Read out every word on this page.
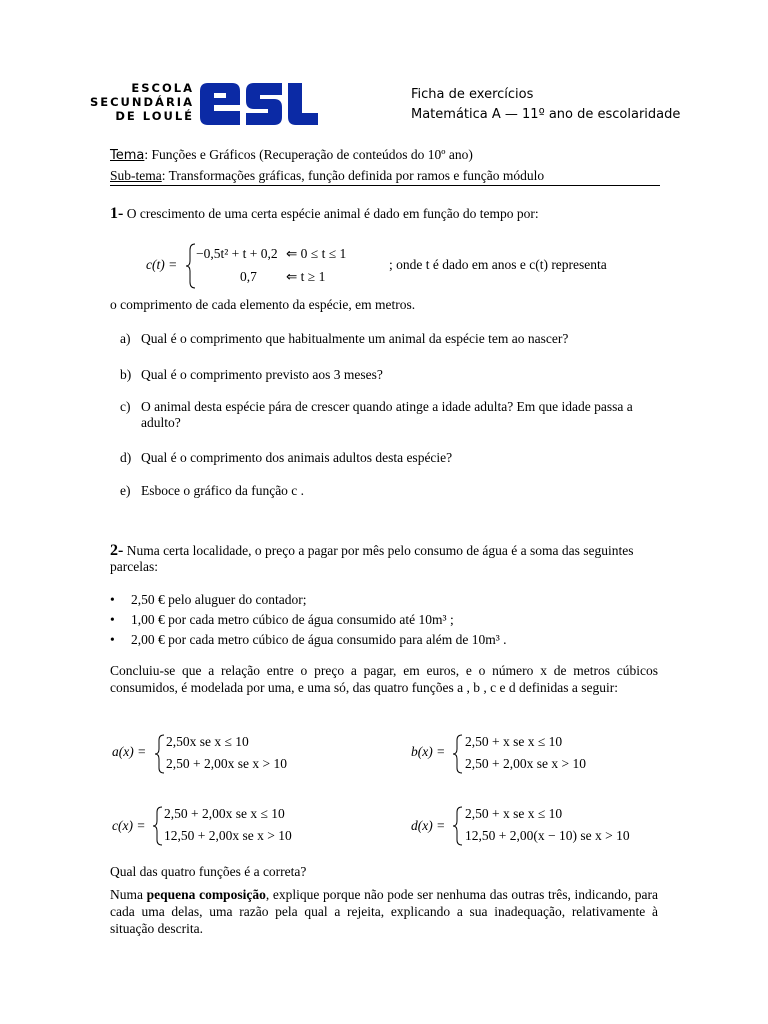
ESCOLA
SECUNDÁRIA
DE LOULÉ
Ficha de exercícios
Matemática A — 11º ano de escolaridade
Tema: Funções e Gráficos (Recuperação de conteúdos do 10º ano)
Sub-tema: Transformações gráficas, função definida por ramos e função módulo
1- O crescimento de uma certa espécie animal é dado em função do tempo por:
c(t) =
−0,5t² + t + 0,2 ⇐ 0 ≤ t ≤ 1
0,7 ⇐ t ≥ 1
; onde t é dado em anos e c(t) representa
o comprimento de cada elemento da espécie, em metros.
a) Qual é o comprimento que habitualmente um animal da espécie tem ao nascer?
b) Qual é o comprimento previsto aos 3 meses?
c) O animal desta espécie pára de crescer quando atinge a idade adulta? Em que idade passa a adulto?
d) Qual é o comprimento dos animais adultos desta espécie?
e) Esboce o gráfico da função c .
2- Numa certa localidade, o preço a pagar por mês pelo consumo de água é a soma das seguintes parcelas:
• 2,50 € pelo aluguer do contador;
• 1,00 € por cada metro cúbico de água consumido até 10m³ ;
• 2,00 € por cada metro cúbico de água consumido para além de 10m³ .
Concluiu-se que a relação entre o preço a pagar, em euros, e o número x de metros cúbicos consumidos, é modelada por uma, e uma só, das quatro funções a , b , c e d definidas a seguir:
a(x) =
2,50x se x ≤ 10
2,50 + 2,00x se x > 10
b(x) =
2,50 + x se x ≤ 10
2,50 + 2,00x se x > 10
c(x) =
2,50 + 2,00x se x ≤ 10
12,50 + 2,00x se x > 10
d(x) =
2,50 + x se x ≤ 10
12,50 + 2,00(x − 10) se x > 10
Qual das quatro funções é a correta?
Numa pequena composição, explique porque não pode ser nenhuma das outras três, indicando, para cada uma delas, uma razão pela qual a rejeita, explicando a sua inadequação, relativamente à situação descrita.
